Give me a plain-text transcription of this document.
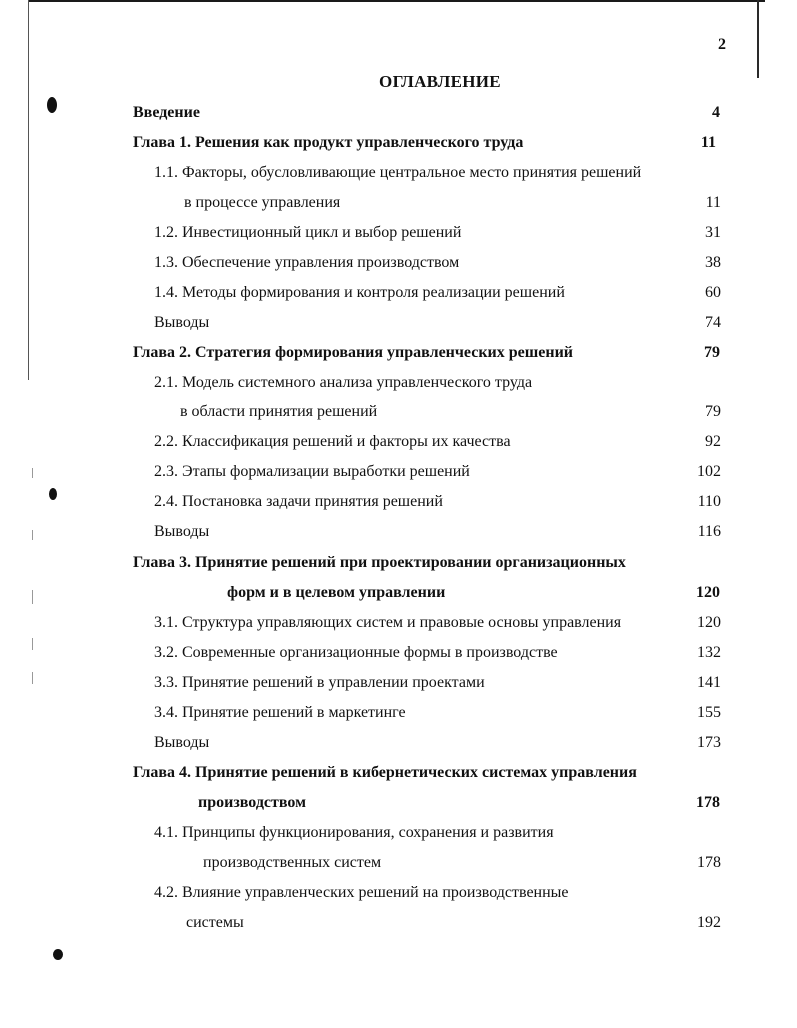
2
ОГЛАВЛЕНИЕ
Введение	4
Глава 1. Решения как продукт управленческого труда	11
1.1. Факторы, обусловливающие центральное место принятия решений
в процессе управления	11
1.2. Инвестиционный цикл и выбор решений	31
1.3. Обеспечение управления производством	38
1.4. Методы формирования и контроля реализации решений	60
Выводы	74
Глава 2. Стратегия формирования управленческих решений	79
2.1. Модель системного анализа управленческого труда
в области принятия решений	79
2.2. Классификация решений и факторы их качества	92
2.3. Этапы формализации выработки решений	102
2.4. Постановка задачи принятия решений	110
Выводы	116
Глава 3. Принятие решений при проектировании организационных
форм и в целевом управлении	120
3.1. Структура управляющих систем и правовые основы управления	120
3.2. Современные организационные формы в производстве	132
3.3. Принятие решений в управлении проектами	141
3.4. Принятие решений в маркетинге	155
Выводы	173
Глава 4. Принятие решений в кибернетических системах управления
производством	178
4.1. Принципы функционирования, сохранения и развития
производственных систем	178
4.2. Влияние управленческих решений на производственные
системы	192
